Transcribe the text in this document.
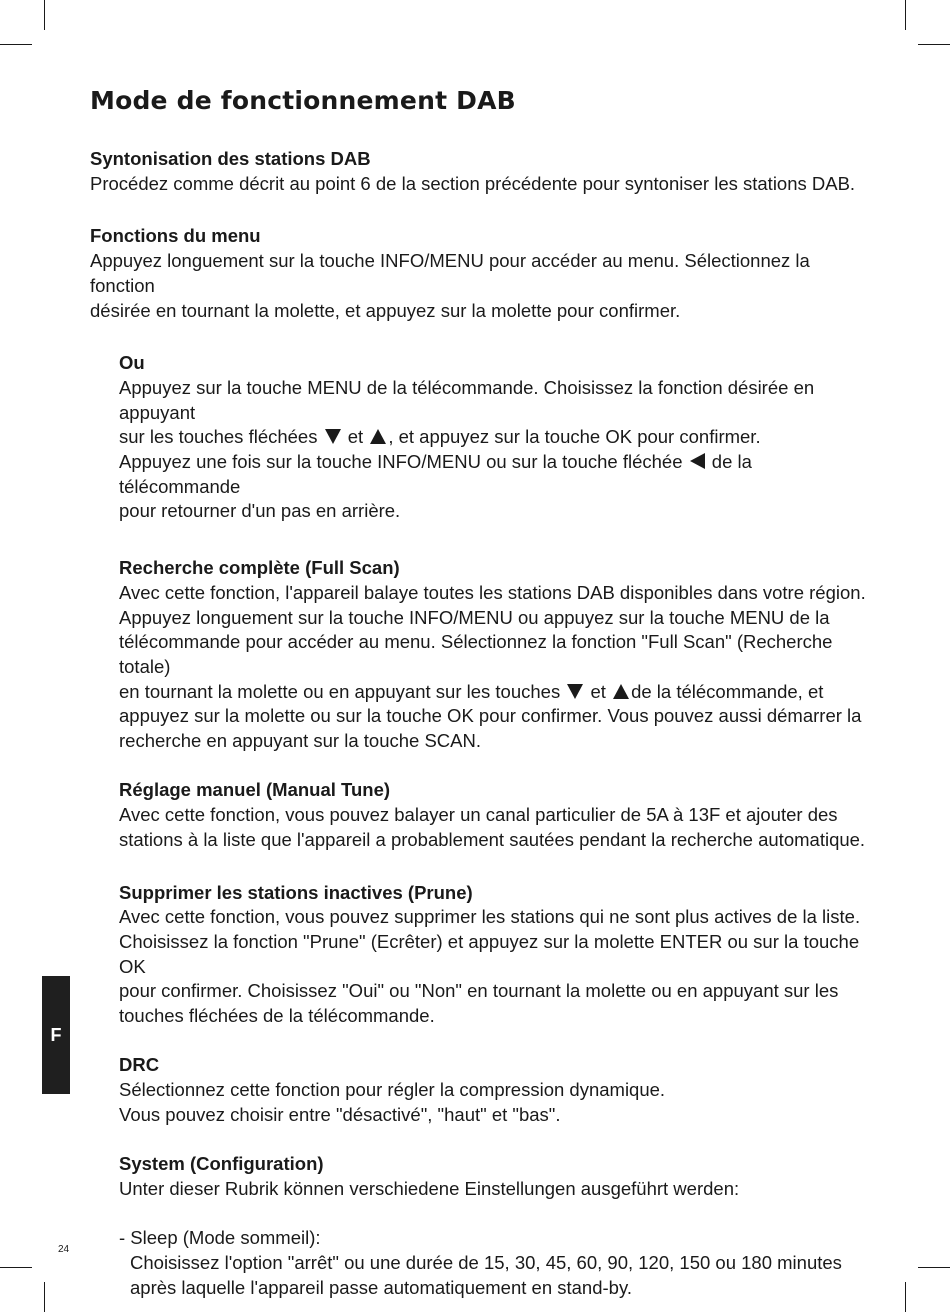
Mode de fonctionnement DAB

Syntonisation des stations DAB

Procédez comme décrit au point 6 de la section précédente pour syntoniser les stations DAB.

Fonctions du menu

Appuyez longuement sur la touche INFO/MENU pour accéder au menu. Sélectionnez la fonction

désirée en tournant la molette, et appuyez sur la molette pour confirmer.

Ou

Appuyez sur la touche MENU de la télécommande. Choisissez la fonction désirée en appuyant

sur les touches fléchées et , et appuyez sur la touche OK pour confirmer.

Appuyez une fois sur la touche INFO/MENU ou sur la touche fléchée de la télécommande

pour retourner d'un pas en arrière.

Recherche complète (Full Scan)

Avec cette fonction, l'appareil balaye toutes les stations DAB disponibles dans votre région.

Appuyez longuement sur la touche INFO/MENU ou appuyez sur la touche MENU de la

télécommande pour accéder au menu. Sélectionnez la fonction "Full Scan" (Recherche totale)

en tournant la molette ou en appuyant sur les touches et de la télécommande, et

appuyez sur la molette ou sur la touche OK pour confirmer. Vous pouvez aussi démarrer la

recherche en appuyant sur la touche SCAN.

Réglage manuel (Manual Tune)

Avec cette fonction, vous pouvez balayer un canal particulier de 5A à 13F et ajouter des

stations à la liste que l'appareil a probablement sautées pendant la recherche automatique.

Supprimer les stations inactives (Prune)

Avec cette fonction, vous pouvez supprimer les stations qui ne sont plus actives de la liste.

Choisissez la fonction "Prune" (Ecrêter) et appuyez sur la molette ENTER ou sur la touche OK

pour confirmer. Choisissez "Oui" ou "Non" en tournant la molette ou en appuyant sur les

touches fléchées de la télécommande.

DRC

Sélectionnez cette fonction pour régler la compression dynamique.

Vous pouvez choisir entre "désactivé", "haut" et "bas".

System (Configuration)

Unter dieser Rubrik können verschiedene Einstellungen ausgeführt werden:

- Sleep (Mode sommeil):

Choisissez l'option "arrêt" ou une durée de 15, 30, 45, 60, 90, 120, 150 ou 180 minutes

après laquelle l'appareil passe automatiquement en stand-by.

F
24
